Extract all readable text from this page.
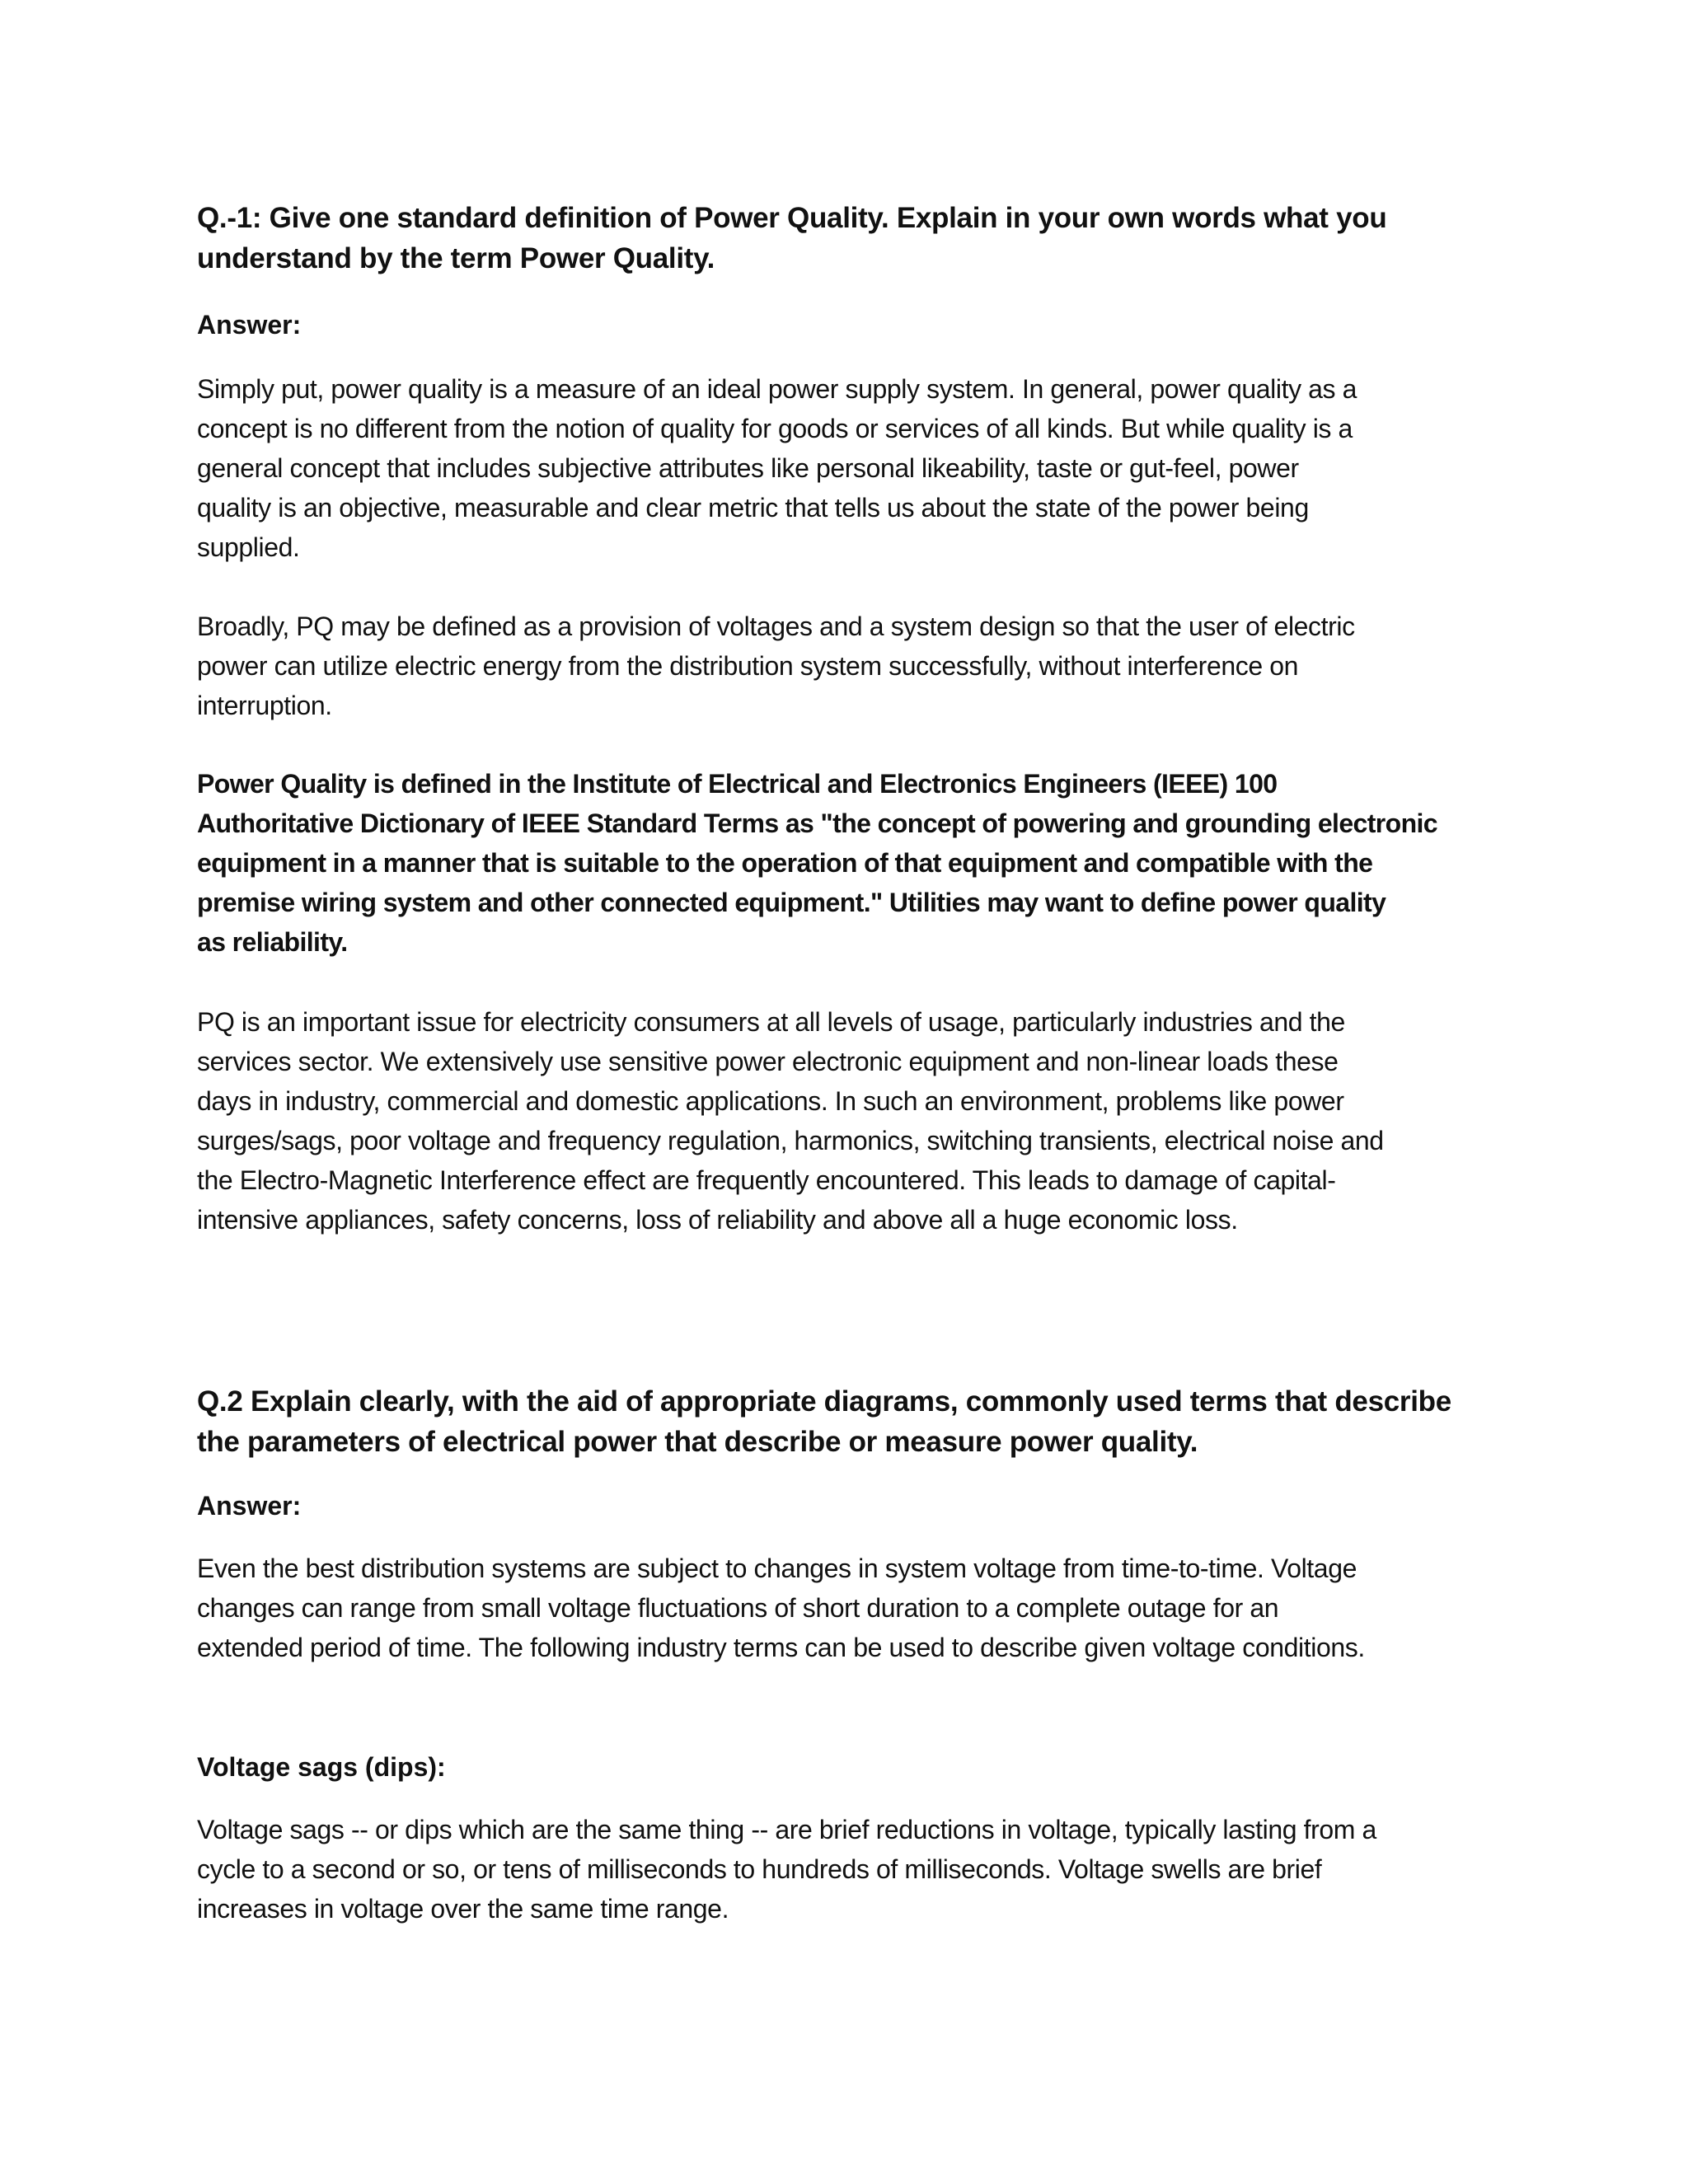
Q.-1: Give one standard definition of Power Quality. Explain in your own words what you
understand by the term Power Quality.
Answer:
Simply put, power quality is a measure of an ideal power supply system. In general, power quality as a
concept is no different from the notion of quality for goods or services of all kinds. But while quality is a
general concept that includes subjective attributes like personal likeability, taste or gut-feel, power
quality is an objective, measurable and clear metric that tells us about the state of the power being
supplied.
Broadly, PQ may be defined as a provision of voltages and a system design so that the user of electric
power can utilize electric energy from the distribution system successfully, without interference on
interruption.
Power Quality is defined in the Institute of Electrical and Electronics Engineers (IEEE) 100
Authoritative Dictionary of IEEE Standard Terms as "the concept of powering and grounding electronic
equipment in a manner that is suitable to the operation of that equipment and compatible with the
premise wiring system and other connected equipment." Utilities may want to define power quality
as reliability.
PQ is an important issue for electricity consumers at all levels of usage, particularly industries and the
services sector. We extensively use sensitive power electronic equipment and non-linear loads these
days in industry, commercial and domestic applications. In such an environment, problems like power
surges/sags, poor voltage and frequency regulation, harmonics, switching transients, electrical noise and
the Electro-Magnetic Interference effect are frequently encountered. This leads to damage of capital-
intensive appliances, safety concerns, loss of reliability and above all a huge economic loss.
Q.2 Explain clearly, with the aid of appropriate diagrams, commonly used terms that describe
the parameters of electrical power that describe or measure power quality.
Answer:
Even the best distribution systems are subject to changes in system voltage from time-to-time. Voltage
changes can range from small voltage fluctuations of short duration to a complete outage for an
extended period of time. The following industry terms can be used to describe given voltage conditions.
Voltage sags (dips):
Voltage sags -- or dips which are the same thing -- are brief reductions in voltage, typically lasting from a
cycle to a second or so, or tens of milliseconds to hundreds of milliseconds. Voltage swells are brief
increases in voltage over the same time range.
